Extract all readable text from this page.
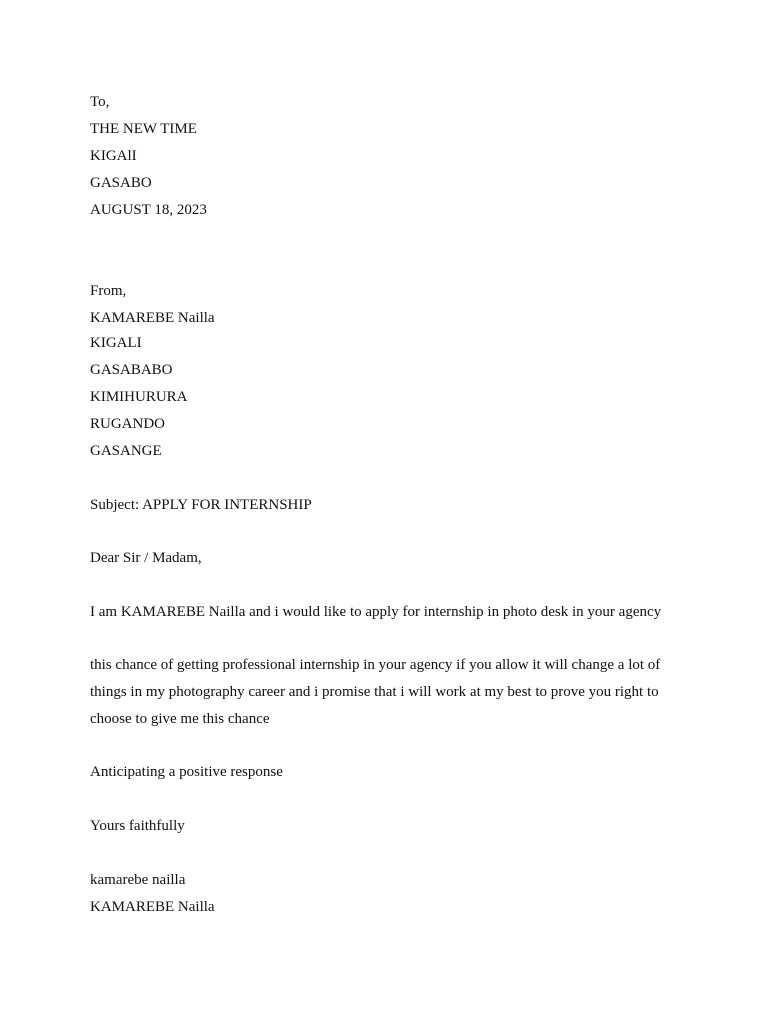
To,
THE NEW TIME
KIGAlI
GASABO
AUGUST 18, 2023
From,
KAMAREBE Nailla
KIGALI
GASABABO
KIMIHURURA
RUGANDO
GASANGE
Subject: APPLY FOR INTERNSHIP
Dear Sir / Madam,
I am KAMAREBE Nailla and i would like to apply for internship in photo desk in your agency
this chance of getting professional internship in your agency if you allow it will change a lot of
things in my photography career and i promise that i will work at my best to prove you right to
choose to give me this chance
Anticipating a positive response
Yours faithfully
kamarebe nailla
KAMAREBE Nailla
